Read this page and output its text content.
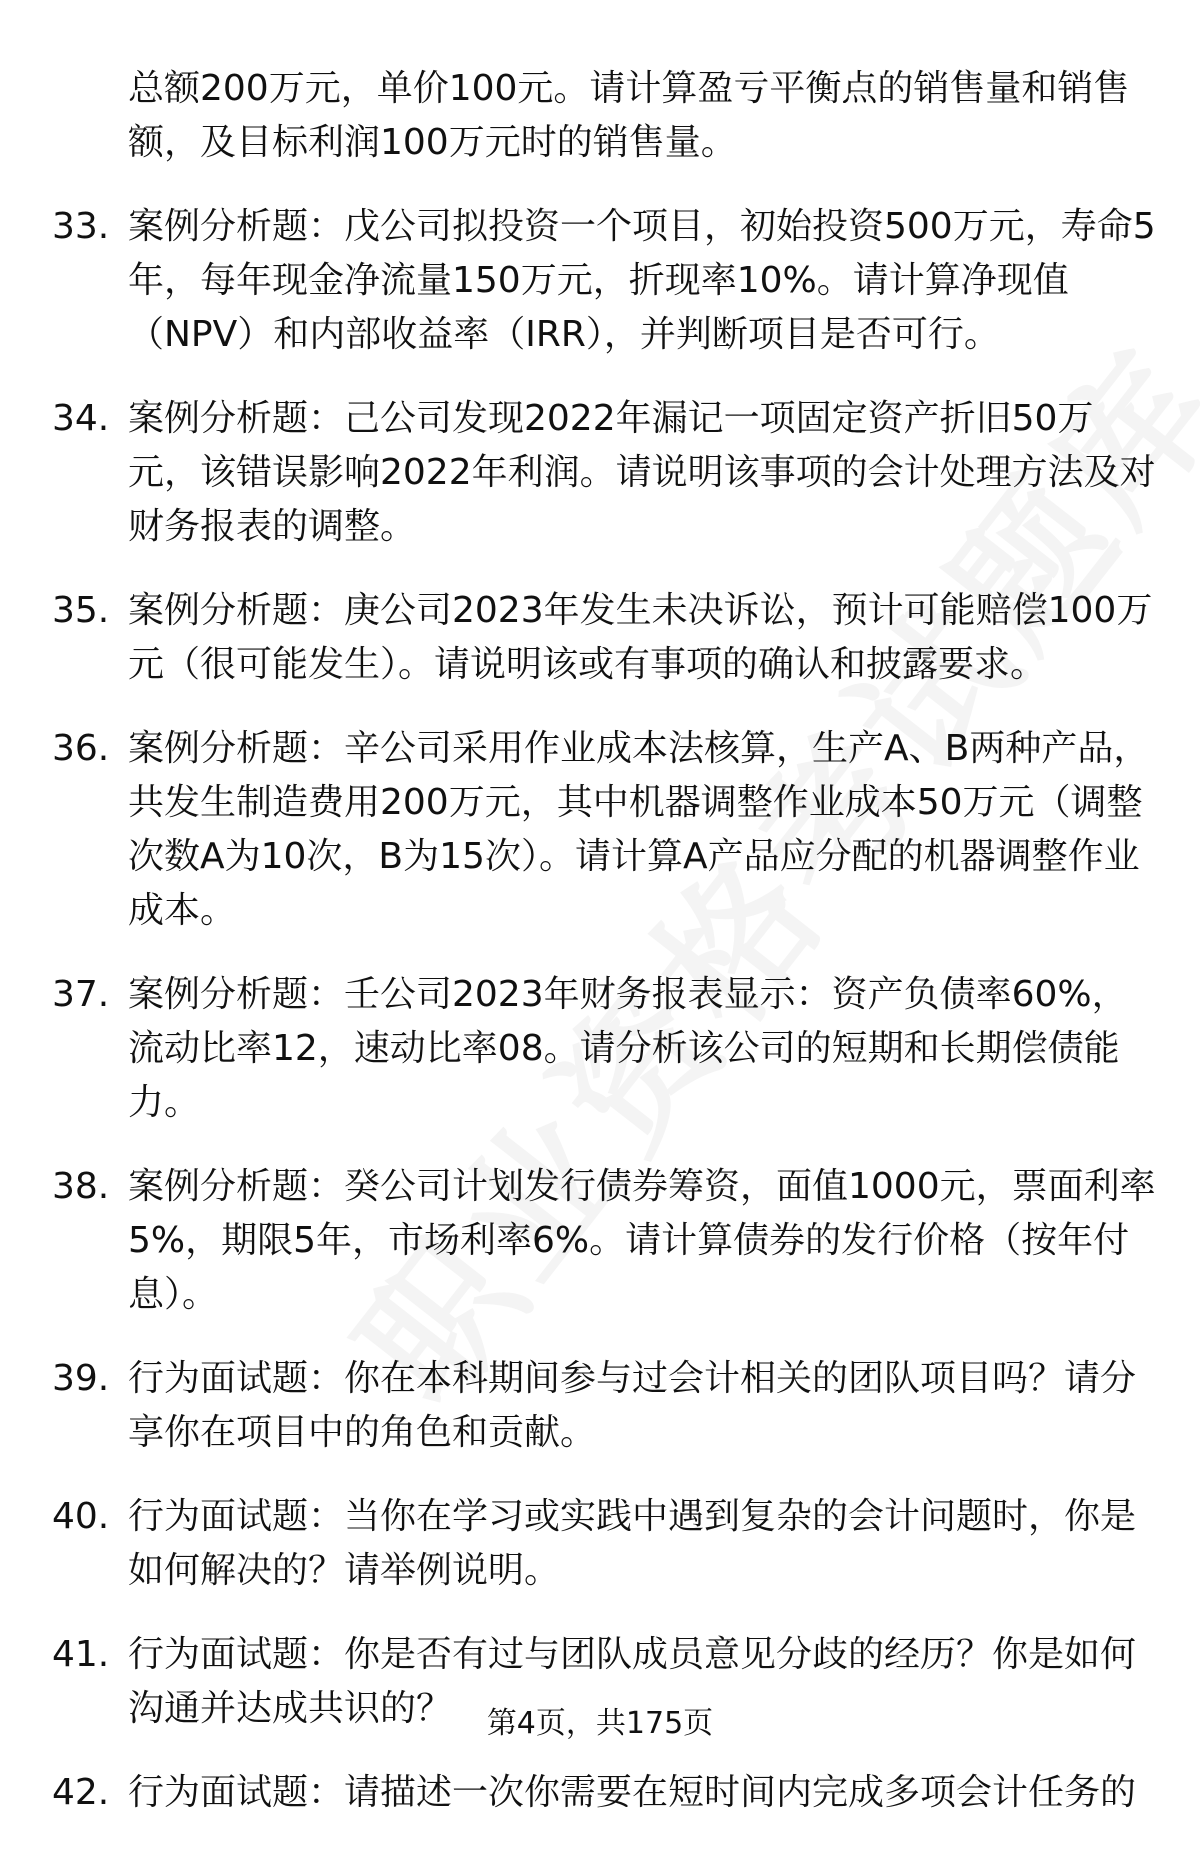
总额200万元，单价100元。请计算盈亏平衡点的销售量和销售额，及目标利润100万元时的销售量。
33. 案例分析题：戊公司拟投资一个项目，初始投资500万元，寿命5年，每年现金净流量150万元，折现率10%。请计算净现值（NPV）和内部收益率（IRR），并判断项目是否可行。
34. 案例分析题：己公司发现2022年漏记一项固定资产折旧50万元，该错误影响2022年利润。请说明该事项的会计处理方法及对财务报表的调整。
35. 案例分析题：庚公司2023年发生未决诉讼，预计可能赔偿100万元（很可能发生）。请说明该或有事项的确认和披露要求。
36. 案例分析题：辛公司采用作业成本法核算，生产A、B两种产品，共发生制造费用200万元，其中机器调整作业成本50万元（调整次数A为10次，B为15次）。请计算A产品应分配的机器调整作业成本。
37. 案例分析题：壬公司2023年财务报表显示：资产负债率60%，流动比率12，速动比率08。请分析该公司的短期和长期偿债能力。
38. 案例分析题：癸公司计划发行债券筹资，面值1000元，票面利率5%，期限5年，市场利率6%。请计算债券的发行价格（按年付息）。
39. 行为面试题：你在本科期间参与过会计相关的团队项目吗？请分享你在项目中的角色和贡献。
40. 行为面试题：当你在学习或实践中遇到复杂的会计问题时，你是如何解决的？请举例说明。
41. 行为面试题：你是否有过与团队成员意见分歧的经历？你是如何沟通并达成共识的？
42. 行为面试题：请描述一次你需要在短时间内完成多项会计任务的
第4页，共175页
